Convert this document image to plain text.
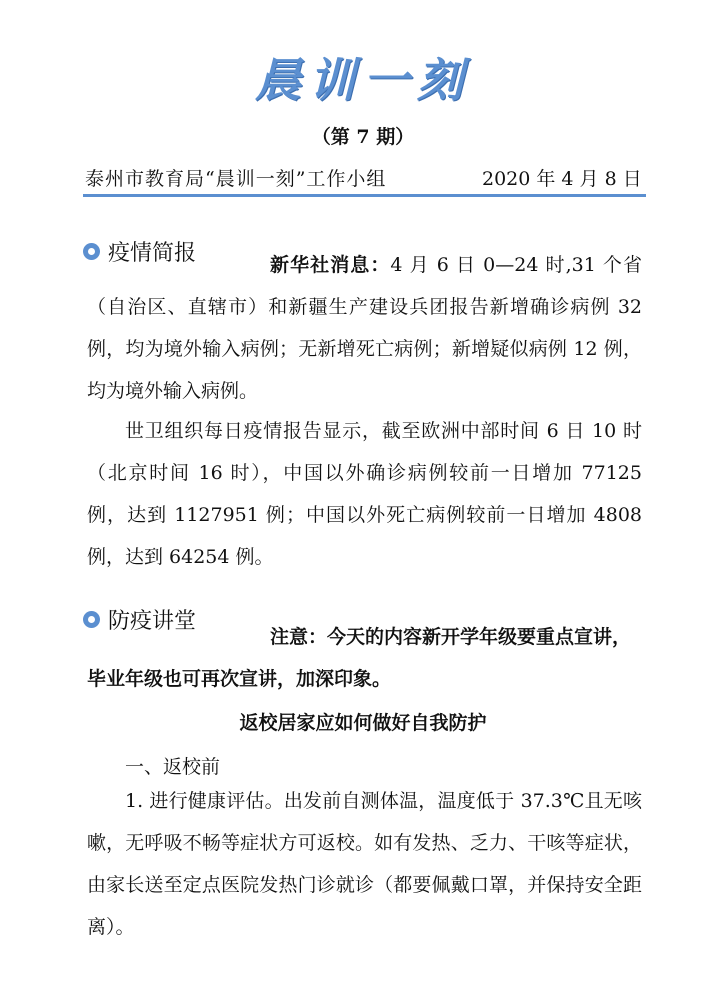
晨训一刻
（第 7 期）
泰州市教育局“晨训一刻”工作小组	2020 年 4 月 8 日
疫情简报	新华社消息：4 月 6 日 0—24 时,31 个省（自治区、直辖市）和新疆生产建设兵团报告新增确诊病例 32 例，均为境外输入病例；无新增死亡病例；新增疑似病例 12 例，均为境外输入病例。
世卫组织每日疫情报告显示，截至欧洲中部时间 6 日 10 时（北京时间 16 时），中国以外确诊病例较前一日增加 77125 例，达到 1127951 例；中国以外死亡病例较前一日增加 4808 例，达到 64254 例。
防疫讲堂
注意：今天的内容新开学年级要重点宣讲，毕业年级也可再次宣讲，加深印象。
返校居家应如何做好自我防护
一、返校前
1. 进行健康评估。出发前自测体温，温度低于 37.3℃且无咳嗽，无呼吸不畅等症状方可返校。如有发热、乏力、干咳等症状，由家长送至定点医院发热门诊就诊（都要佩戴口罩，并保持安全距离）。
